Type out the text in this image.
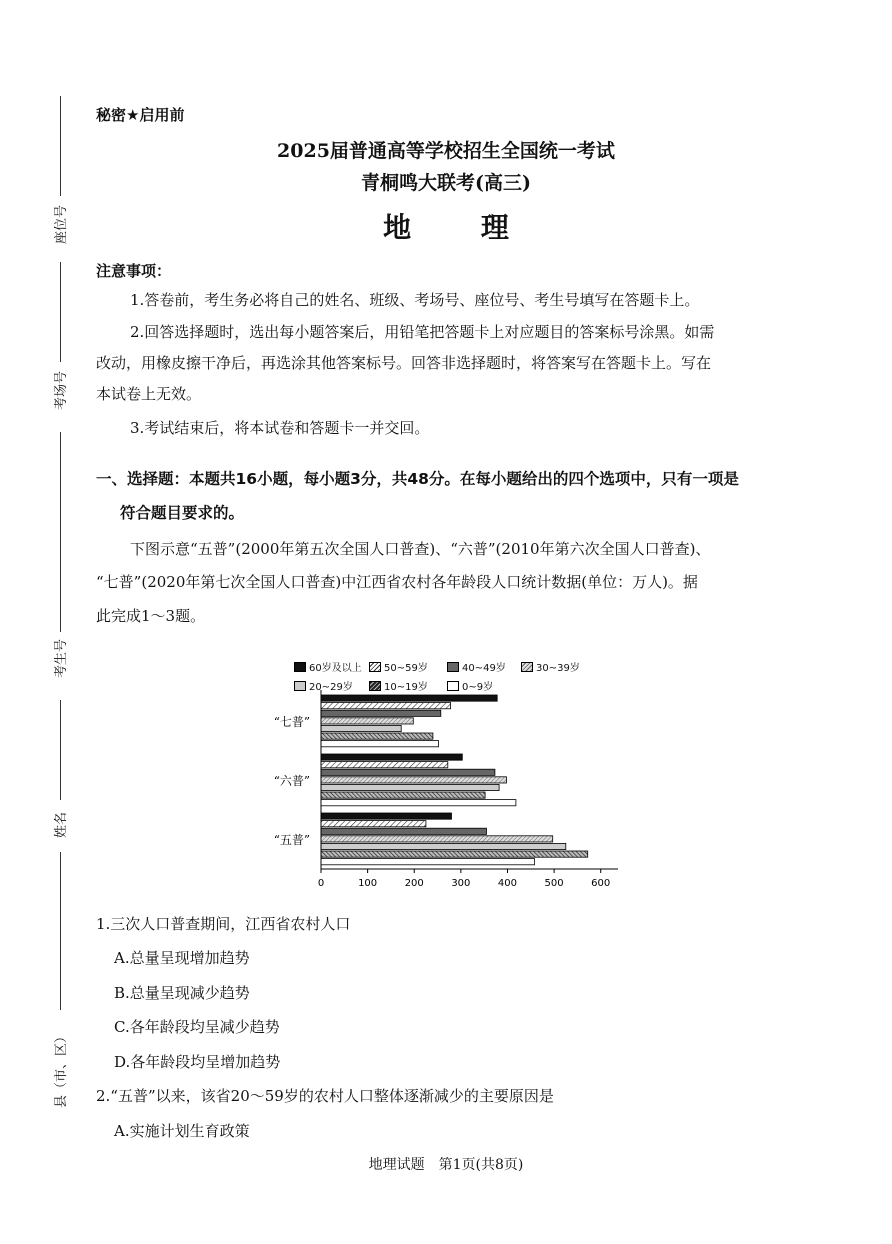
座位号
考场号
考生号
姓名
县（市、区）
秘密★启用前
2025届普通高等学校招生全国统一考试
青桐鸣大联考(高三)
地 理
注意事项：
1.答卷前，考生务必将自己的姓名、班级、考场号、座位号、考生号填写在答题卡上。
2.回答选择题时，选出每小题答案后，用铅笔把答题卡上对应题目的答案标号涂黑。如需
改动，用橡皮擦干净后，再选涂其他答案标号。回答非选择题时，将答案写在答题卡上。写在
本试卷上无效。
3.考试结束后，将本试卷和答题卡一并交回。
一、选择题：本题共16小题，每小题3分，共48分。在每小题给出的四个选项中，只有一项是
符合题目要求的。
下图示意“五普”(2000年第五次全国人口普查)、“六普”(2010年第六次全国人口普查)、
“七普”(2020年第七次全国人口普查)中江西省农村各年龄段人口统计数据(单位：万人)。据
此完成1～3题。
60岁及以上 50~59岁	40~49岁	30~39岁
20~29岁	10~19岁	0~9岁
“七普”
“六普”
“五普”
0	100	200	300	400	500	600
1.三次人口普查期间，江西省农村人口
A.总量呈现增加趋势
B.总量呈现减少趋势
C.各年龄段均呈减少趋势
D.各年龄段均呈增加趋势
2.“五普”以来，该省20～59岁的农村人口整体逐渐减少的主要原因是
A.实施计划生育政策
地理试题　第1页(共8页)
